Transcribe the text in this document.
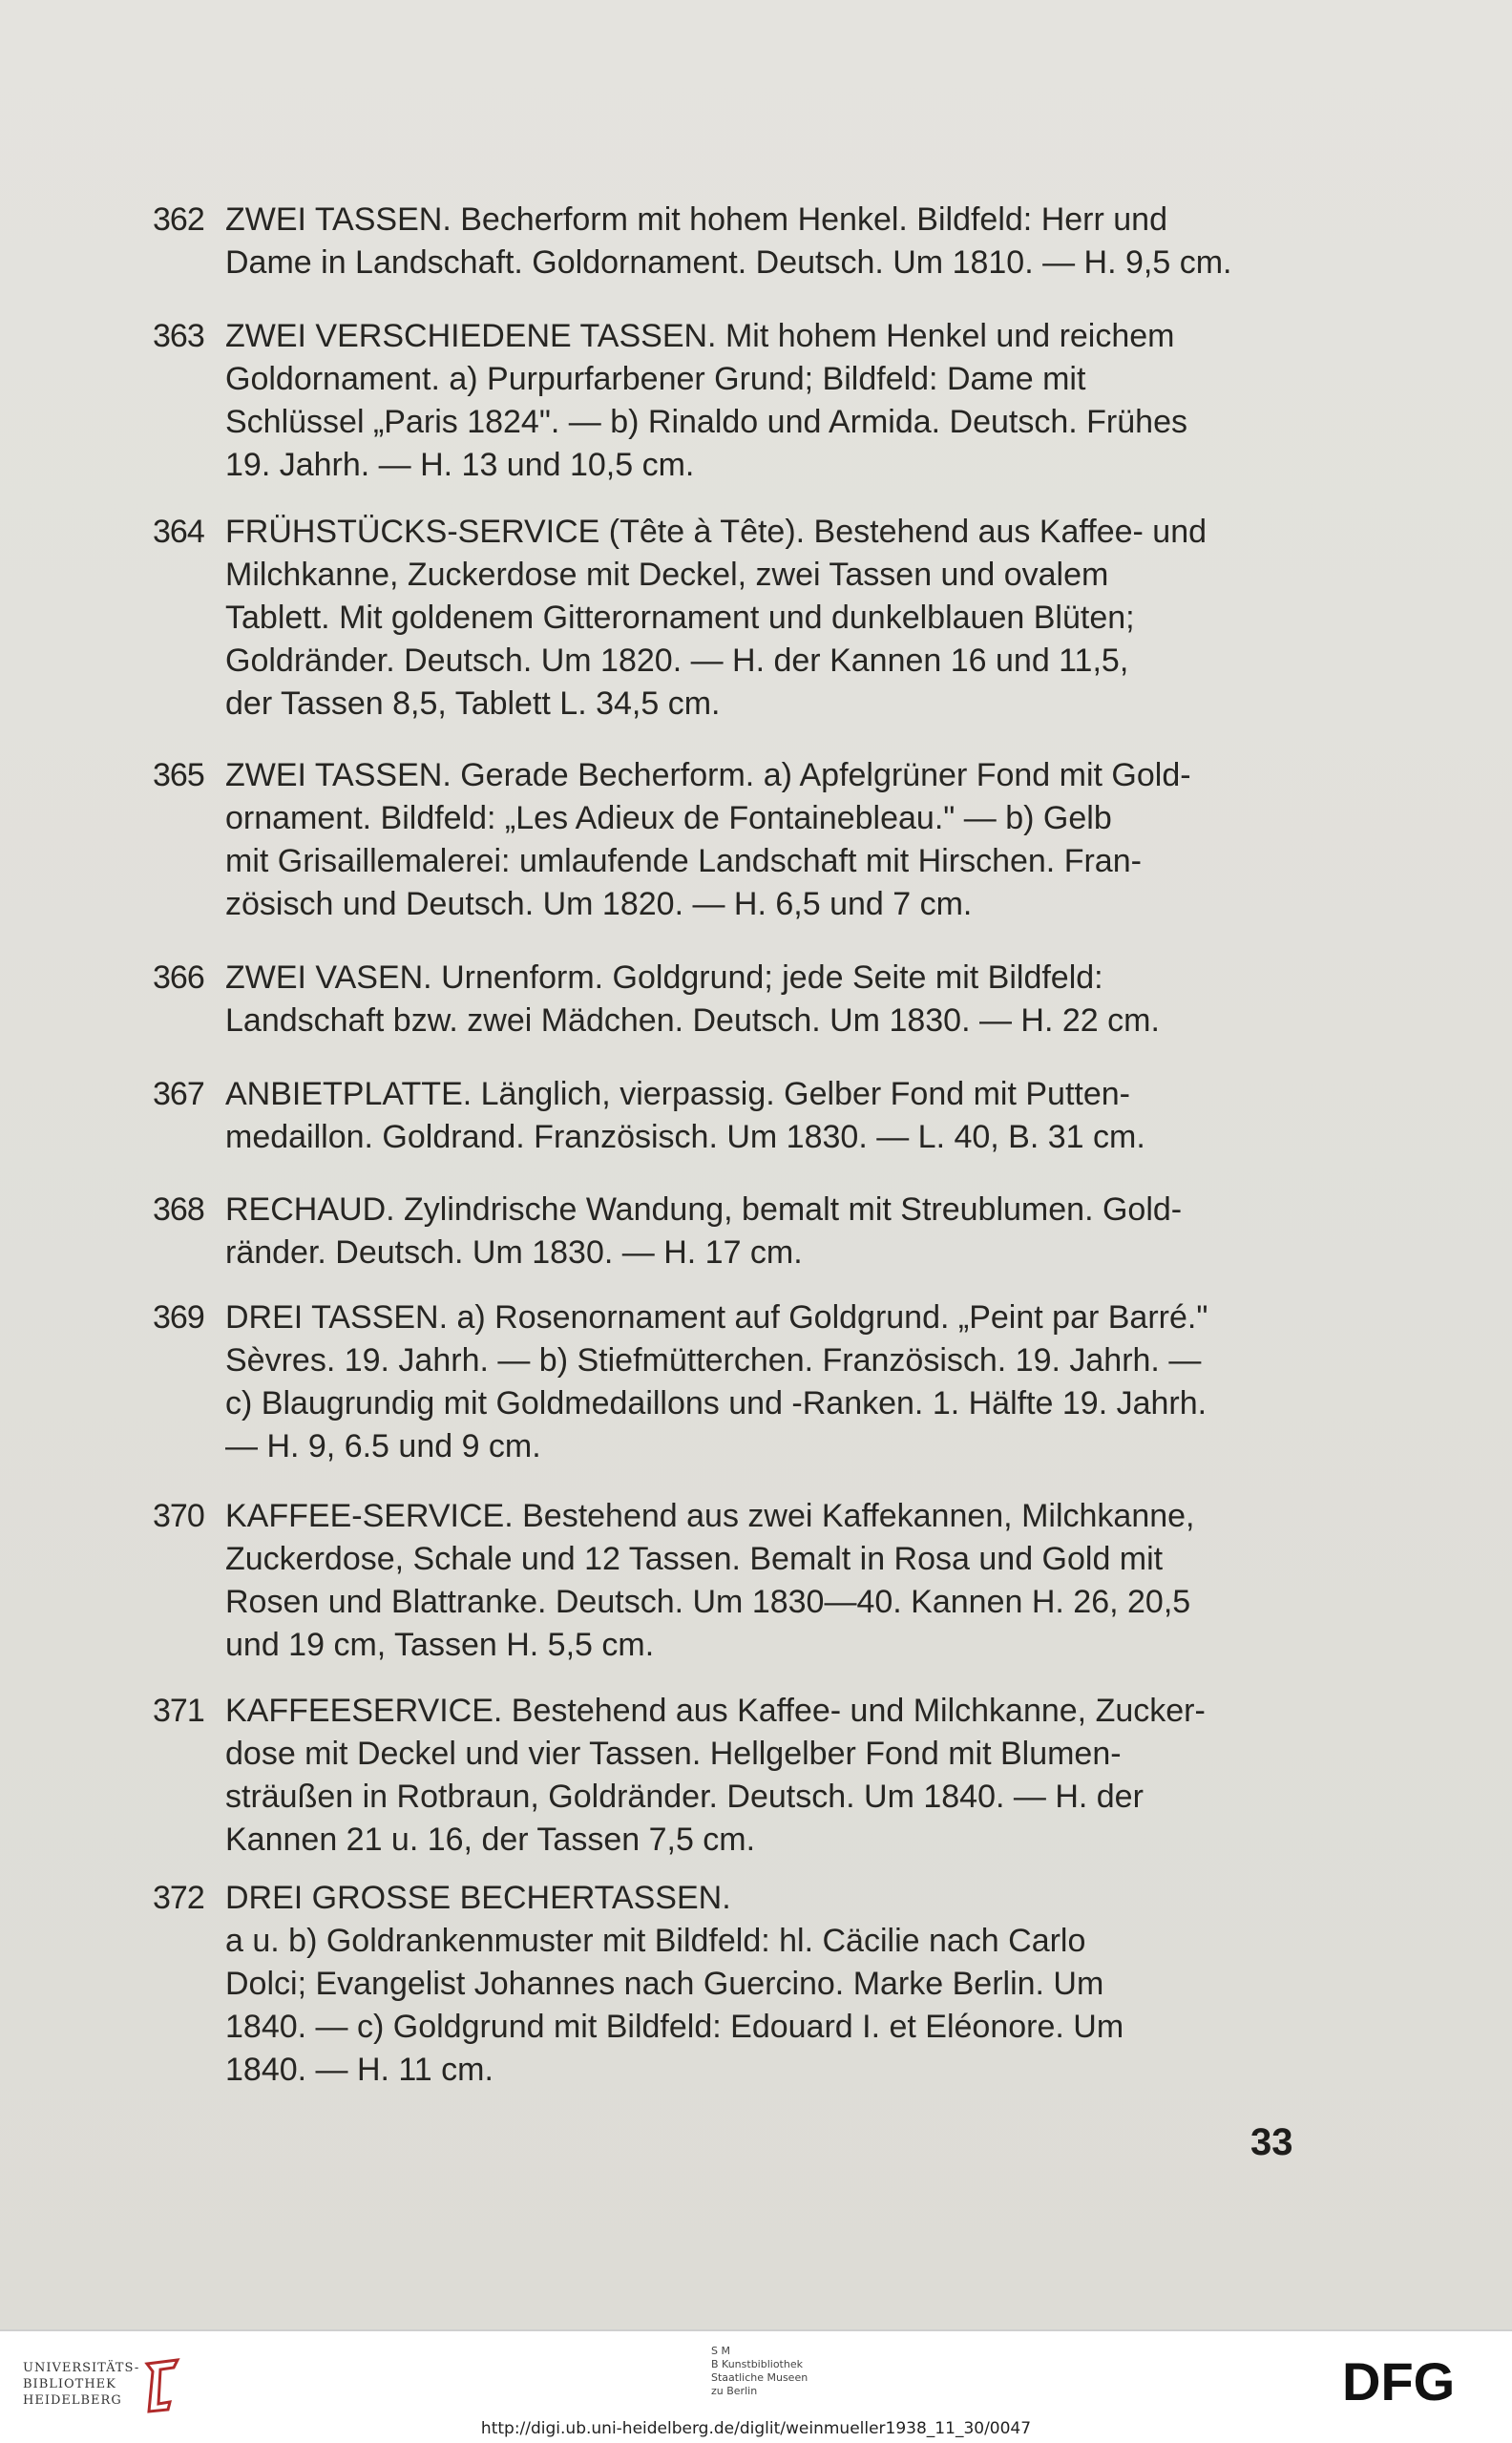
362 ZWEI TASSEN. Becherform mit hohem Henkel. Bildfeld: Herr und
Dame in Landschaft. Goldornament. Deutsch. Um 1810. — H. 9,5 cm.
363 ZWEI VERSCHIEDENE TASSEN. Mit hohem Henkel und reichem
Goldornament. a) Purpurfarbener Grund; Bildfeld: Dame mit
Schlüssel „Paris 1824". — b) Rinaldo und Armida. Deutsch. Frühes
19. Jahrh. — H. 13 und 10,5 cm.
364 FRÜHSTÜCKS-SERVICE (Tête à Tête). Bestehend aus Kaffee- und
Milchkanne, Zuckerdose mit Deckel, zwei Tassen und ovalem
Tablett. Mit goldenem Gitterornament und dunkelblauen Blüten;
Goldränder. Deutsch. Um 1820. — H. der Kannen 16 und 11,5,
der Tassen 8,5, Tablett L. 34,5 cm.
365 ZWEI TASSEN. Gerade Becherform. a) Apfelgrüner Fond mit Gold-
ornament. Bildfeld: „Les Adieux de Fontainebleau." — b) Gelb
mit Grisaillemalerei: umlaufende Landschaft mit Hirschen. Fran-
zösisch und Deutsch. Um 1820. — H. 6,5 und 7 cm.
366 ZWEI VASEN. Urnenform. Goldgrund; jede Seite mit Bildfeld:
Landschaft bzw. zwei Mädchen. Deutsch. Um 1830. — H. 22 cm.
367 ANBIETPLATTE. Länglich, vierpassig. Gelber Fond mit Putten-
medaillon. Goldrand. Französisch. Um 1830. — L. 40, B. 31 cm.
368 RECHAUD. Zylindrische Wandung, bemalt mit Streublumen. Gold-
ränder. Deutsch. Um 1830. — H. 17 cm.
369 DREI TASSEN. a) Rosenornament auf Goldgrund. „Peint par Barré."
Sèvres. 19. Jahrh. — b) Stiefmütterchen. Französisch. 19. Jahrh. —
c) Blaugrundig mit Goldmedaillons und -Ranken. 1. Hälfte 19. Jahrh.
— H. 9, 6.5 und 9 cm.
370 KAFFEE-SERVICE. Bestehend aus zwei Kaffekannen, Milchkanne,
Zuckerdose, Schale und 12 Tassen. Bemalt in Rosa und Gold mit
Rosen und Blattranke. Deutsch. Um 1830—40. Kannen H. 26, 20,5
und 19 cm, Tassen H. 5,5 cm.
371 KAFFEESERVICE. Bestehend aus Kaffee- und Milchkanne, Zucker-
dose mit Deckel und vier Tassen. Hellgelber Fond mit Blumen-
sträußen in Rotbraun, Goldränder. Deutsch. Um 1840. — H. der
Kannen 21 u. 16, der Tassen 7,5 cm.
372 DREI GROSSE BECHERTASSEN.
a u. b) Goldrankenmuster mit Bildfeld: hl. Cäcilie nach Carlo
Dolci; Evangelist Johannes nach Guercino. Marke Berlin. Um
1840. — c) Goldgrund mit Bildfeld: Edouard I. et Eléonore. Um
1840. — H. 11 cm.
33
UNIVERSITÄTS-
BIBLIOTHEK
HEIDELBERG
S M
B Kunstbibliothek
Staatliche Museen
zu Berlin	DFG
http://digi.ub.uni-heidelberg.de/diglit/weinmueller1938_11_30/0047
